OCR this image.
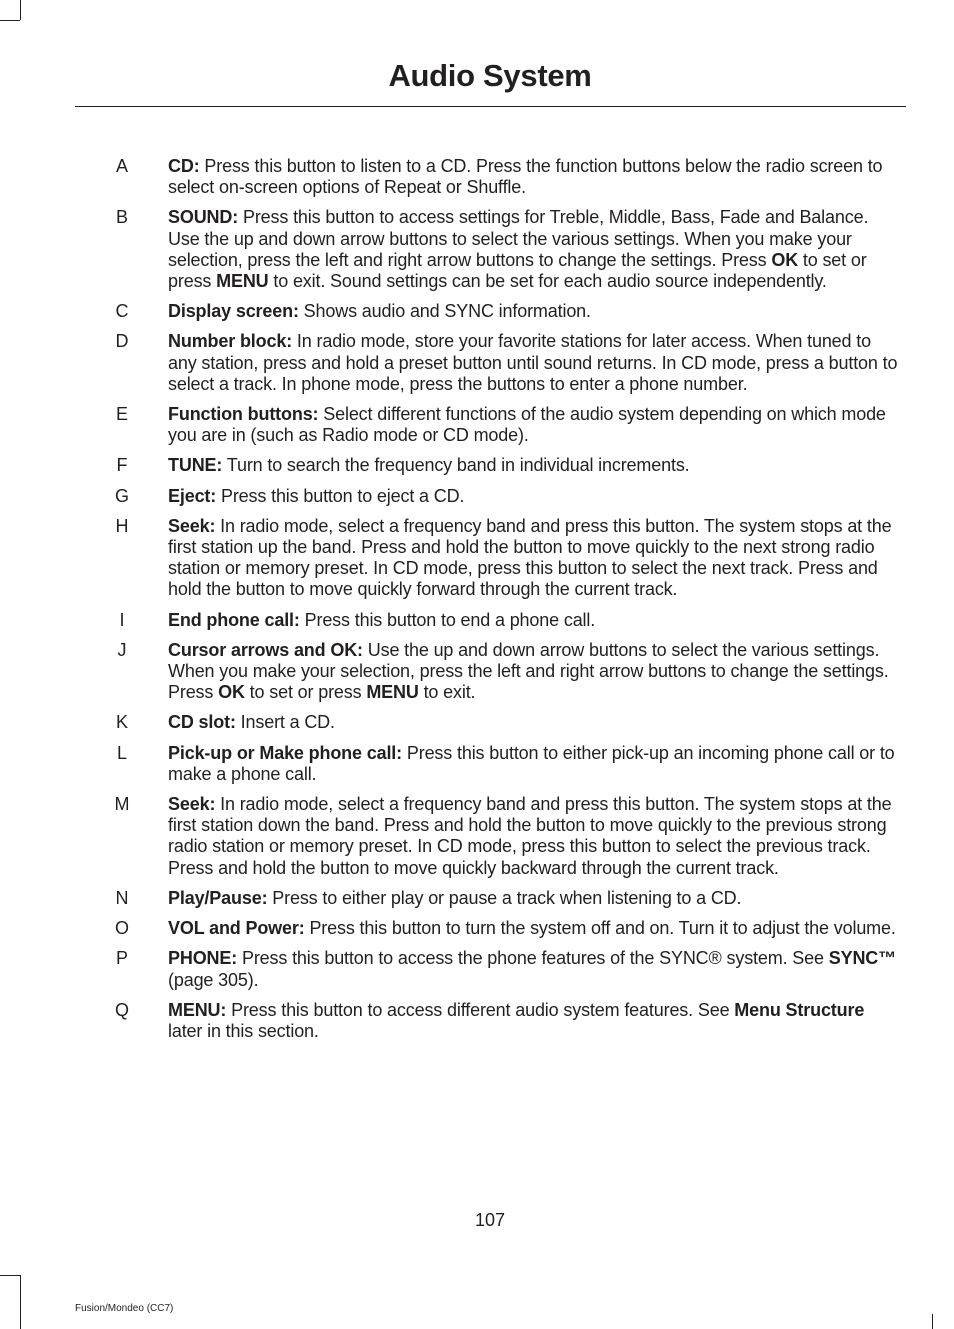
Audio System
A CD: Press this button to listen to a CD. Press the function buttons below the radio screen to select on-screen options of Repeat or Shuffle.
B SOUND: Press this button to access settings for Treble, Middle, Bass, Fade and Balance. Use the up and down arrow buttons to select the various settings. When you make your selection, press the left and right arrow buttons to change the settings. Press OK to set or press MENU to exit. Sound settings can be set for each audio source independently.
C Display screen: Shows audio and SYNC information.
D Number block: In radio mode, store your favorite stations for later access. When tuned to any station, press and hold a preset button until sound returns. In CD mode, press a button to select a track. In phone mode, press the buttons to enter a phone number.
E Function buttons: Select different functions of the audio system depending on which mode you are in (such as Radio mode or CD mode).
F TUNE: Turn to search the frequency band in individual increments.
G Eject: Press this button to eject a CD.
H Seek: In radio mode, select a frequency band and press this button. The system stops at the first station up the band. Press and hold the button to move quickly to the next strong radio station or memory preset. In CD mode, press this button to select the next track. Press and hold the button to move quickly forward through the current track.
I	End phone call: Press this button to end a phone call.
J	Cursor arrows and OK: Use the up and down arrow buttons to select the various settings. When you make your selection, press the left and right arrow buttons to change the settings. Press OK to set or press MENU to exit.
K CD slot: Insert a CD.
L Pick-up or Make phone call: Press this button to either pick-up an incoming phone call or to make a phone call.
M Seek: In radio mode, select a frequency band and press this button. The system stops at the first station down the band. Press and hold the button to move quickly to the previous strong radio station or memory preset. In CD mode, press this button to select the previous track. Press and hold the button to move quickly backward through the current track.
N Play/Pause: Press to either play or pause a track when listening to a CD.
O VOL and Power: Press this button to turn the system off and on. Turn it to adjust the volume.
P PHONE: Press this button to access the phone features of the SYNC® system. See SYNC™ (page 305).
Q MENU: Press this button to access different audio system features. See Menu Structure later in this section.
107
Fusion/Mondeo (CC7)
